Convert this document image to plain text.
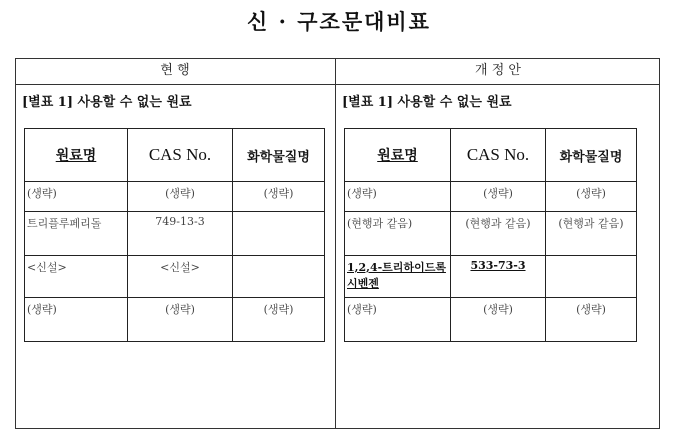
신 · 구조문대비표
현 행	개 정 안
[별표 1] 사용할 수 없는 원료
원료명	CAS No.	화학물질명
(생략)	(생략)	(생략)
트리플루페리돌	749-13-3	
<신설>	<신설>	
(생략)	(생략)	(생략)
[별표 1] 사용할 수 없는 원료
원료명	CAS No.	화학물질명
(생략)	(생략)	(생략)
(현행과 같음)	(현행과 같음)	(현행과 같음)
1,2,4-트리하이드록시벤젠	533-73-3	
(생략)	(생략)	(생략)
